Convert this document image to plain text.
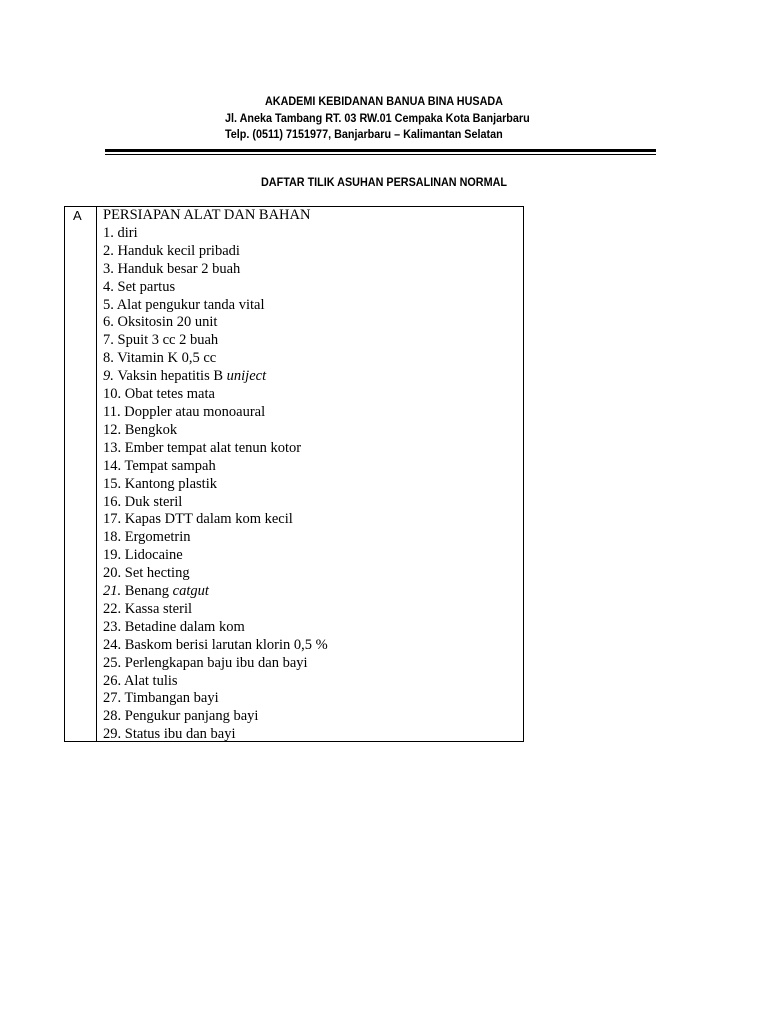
AKADEMI KEBIDANAN BANUA BINA HUSADA
Jl. Aneka Tambang RT. 03 RW.01 Cempaka Kota Banjarbaru
Telp. (0511) 7151977, Banjarbaru – Kalimantan Selatan
DAFTAR TILIK ASUHAN PERSALINAN NORMAL
A PERSIAPAN ALAT DAN BAHAN
1. diri
2. Handuk kecil pribadi
3. Handuk besar 2 buah
4. Set partus
5. Alat pengukur tanda vital
6. Oksitosin 20 unit
7. Spuit 3 cc 2 buah
8. Vitamin K 0,5 cc
9. Vaksin hepatitis B uniject
10. Obat tetes mata
11. Doppler atau monoaural
12. Bengkok
13. Ember tempat alat tenun kotor
14. Tempat sampah
15. Kantong plastik
16. Duk steril
17. Kapas DTT dalam kom kecil
18. Ergometrin
19. Lidocaine
20. Set hecting
21. Benang catgut
22. Kassa steril
23. Betadine dalam kom
24. Baskom berisi larutan klorin 0,5 %
25. Perlengkapan baju ibu dan bayi
26. Alat tulis
27. Timbangan bayi
28. Pengukur panjang bayi
29. Status ibu dan bayi
